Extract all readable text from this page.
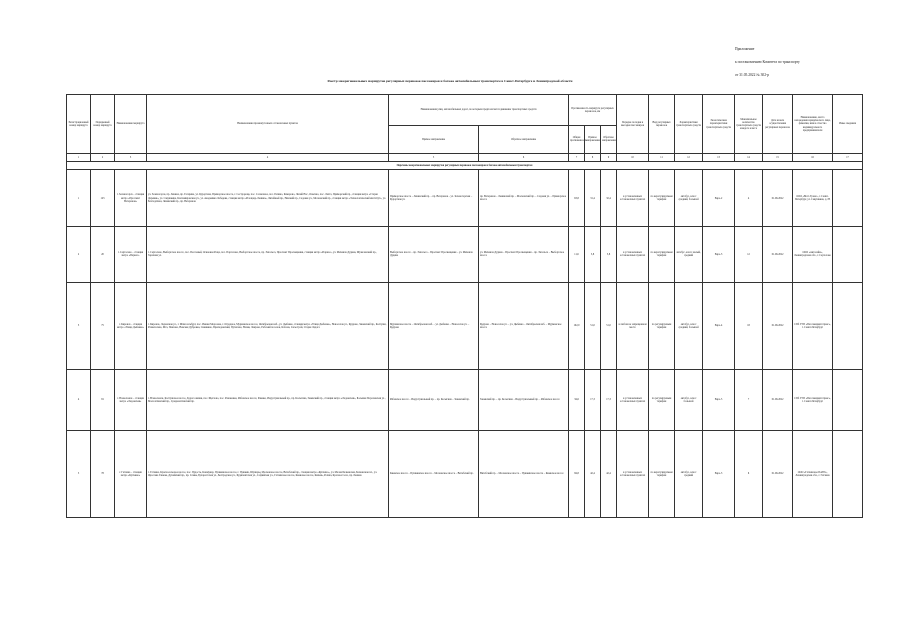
Приложение
к постановлению Комитета по транспорту
от 31.05.2022 № 302-р
Реестр межрегиональных маршрутов регулярных перевозок пассажиров и багажа автомобильным транспортом в Санкт-Петербурге и Ленинградской области
Регистрационный номер маршрута	Порядковый номер маршрута	Наименование маршрута	Наименования промежуточных остановочных пунктов	Наименования улиц, автомобильных дорог, по которым предполагается движение транспортных средств		Протяженность маршрута регулярных перевозок, км			Порядок посадки и высадки пассажиров	Вид регулярных перевозок	Характеристики транспортных средств	Экологические характеристики транспортных средств	Максимальное количество транспортных средств каждого класса	Дата начала осуществления регулярных перевозок	Наименование, место нахождения юридического лица, фамилия, имя и отчество индивидуального предпринимателя	Иные сведения
				Прямое направление	Обратное направление	Общая протяженность	Прямое направление	Обратное направление								
1	2	3	4	5	6	7	8	9	10	11	12	13	14	15	16	17
Перечень межрегиональных маршрутов регулярных перевозок пассажиров и багажа автомобильным транспортом																
1	123	г. Зеленогорск – станция метро «Проспект Ветеранов»	ул. Зеленогорск, пр. Ленина, пр. Гагарина, ул. Курортная, Приморское шоссе, г. Сестрорецк, пос. Солнечное, пос. Репино, Комарово, Лисий Нос, Ольгино, пос. Лахта, Приморский пр., станция метро «Старая Деревня», ул. Савушкина, Кантемировская ул., ул. Академика Лебедева, станция метро «Площадь Ленина», Литейный пр., Невский пр., Садовая ул., Московский пр., станция метро «Технологический институт», ул. Благодатная, Ленинский пр., пр. Ветеранов	Приморское шоссе – Ленинский пр. – пр. Ветеранов – ул. Зеленогорская – Курортная ул.	пр. Ветеранов – Ленинский пр. – Московский пр. – Садовая ул. – Приморское шоссе	63,8	31,4	32,4	в установленных остановочных пунктах	по нерегулируемым тарифам	автобус, класс средний, большой	Евро-2	4	01.06.2022	ООО «Вест-Транс», г. Санкт-Петербург, ул. Савушкина, д. 83	
2	20	г. Сертолово – станция метро «Парнас»	г. Сертолово, Выборгское шоссе, пос. Песочный, Осиновая Роща, пос. Парголово, Выборгское шоссе, пр. Энгельса, Проспект Просвещения, станция метро «Парнас», ул. Михаила Дудина, Шуваловский пр., Заречная ул.	Выборгское шоссе – пр. Энгельса – Проспект Просвещения – ул. Михаила Дудина	ул. Михаила Дудина – Проспект Просвещения – пр. Энгельса – Выборгское шоссе	11,6	5,8	5,8	в установленных остановочных пунктах	по нерегулируемым тарифам	автобус, класс малый, средний	Евро-3	12	01.06.2022	ООО «Автолайн», Ленинградская обл., г. Сертолово	
3	75	г. Кировск – станция метро «Улица Дыбенко»	г. Кировск, Ладожская ул., г. Шлиссельбург, пос. Имени Морозова, г. Отрадное, Мурманское шоссе, Октябрьская наб., ул. Дыбенко, станция метро «Улица Дыбенко», Новоселов ул., Кудрово, Заневский пр., Колтуши, Разметелево, Мга, Павлово, Невская Дубровка, Синявино, Приладожский, Путилово, Назия, Лаврово, Рабочий поселок, Кобона, Сясьстрой, Старая Ладога	Мурманское шоссе – Октябрьская наб. – ул. Дыбенко – Новоселов ул. – Кудрово	Кудрово – Новоселов ул. – ул. Дыбенко – Октябрьская наб. – Мурманское шоссе	102,0	51,0	51,0	в любом не запрещенном месте	по регулируемым тарифам	автобус, класс средний, большой	Евро-4	18	01.06.2022	СПб ГУП «Пассажиравтотранс», г. Санкт-Петербург	
4	81	г. Всеволожск – станция метро «Ладожская»	г. Всеволожск, Колтушское шоссе, Дорога жизни, пос. Щеглово, пос. Романовка, Рябовское шоссе, Ржевка, Индустриальный пр., пр. Косыгина, Заневский пр., станция метро «Ладожская», Большая Пороховская ул., Малоохтинский пр., Среднеохтинский пр.	Рябовское шоссе – Индустриальный пр. – пр. Косыгина – Заневский пр.	Заневский пр. – пр. Косыгина – Индустриальный пр. – Рябовское шоссе	34,6	17,3	17,3	в установленных остановочных пунктах	по регулируемым тарифам	автобус, класс большой	Евро-5	7	01.06.2022	СПб ГУП «Пассажиравтотранс», г. Санкт-Петербург	
5	78	г. Гатчина – станция метро «Купчино»	г. Гатчина, Красносельское шоссе, пос. Пудость, Коммунар, Пушкинское шоссе, г. Пушкин, Шушары, Московское шоссе, Витебский пр., станция метро «Купчино», ул. Малая Балканская, Балканская пл., ул. Ярослава Гашека, Дунайский пр., пр. Славы, Бухарестская ул., Белградская ул., Будапештская ул., Софийская ул., Гатчинское шоссе, Киевское шоссе, Кипень, Ропша, Красное Село, пр. Ленина	Киевское шоссе – Пушкинское шоссе – Московское шоссе – Витебский пр.	Витебский пр. – Московское шоссе – Пушкинское шоссе – Киевское шоссе	84,8	42,4	42,4	в установленных остановочных пунктах	по нерегулируемым тарифам	автобус, класс средний	Евро-3	6	01.06.2022	ООО «Гатчинское ПАТП», Ленинградская обл., г. Гатчина	
